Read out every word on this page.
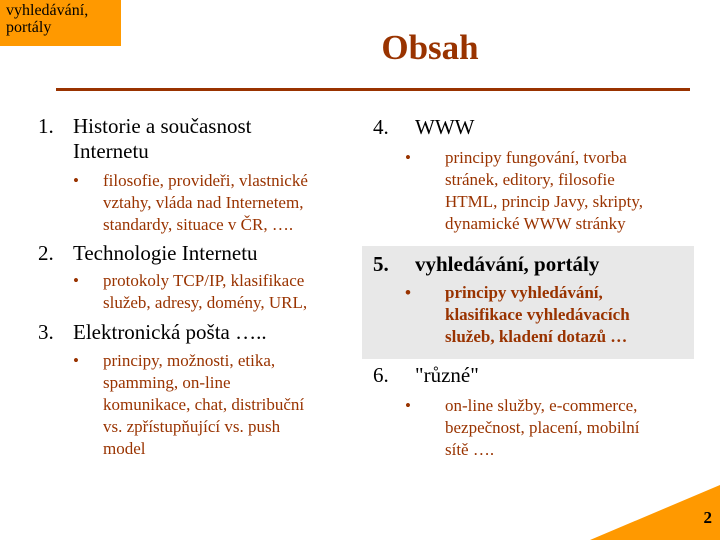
vyhledávání,
portály
Obsah
1. Historie a současnost
Internetu
• filosofie, provideři, vlastnické
vztahy, vláda nad Internetem,
standardy, situace v ČR, ….
2. Technologie Internetu
• protokoly TCP/IP, klasifikace
služeb, adresy, domény, URL,
3. Elektronická pošta …..
• principy, možnosti, etika,
spamming, on-line
komunikace, chat, distribuční
vs. zpřístupňující vs. push
model
4. WWW
• principy fungování, tvorba
stránek, editory, filosofie
HTML, princip Javy, skripty,
dynamické WWW stránky
5. vyhledávání, portály
• principy vyhledávání,
klasifikace vyhledávacích
služeb, kladení dotazů …
6. "různé"
• on-line služby, e-commerce,
bezpečnost, placení, mobilní
sítě ….
2
